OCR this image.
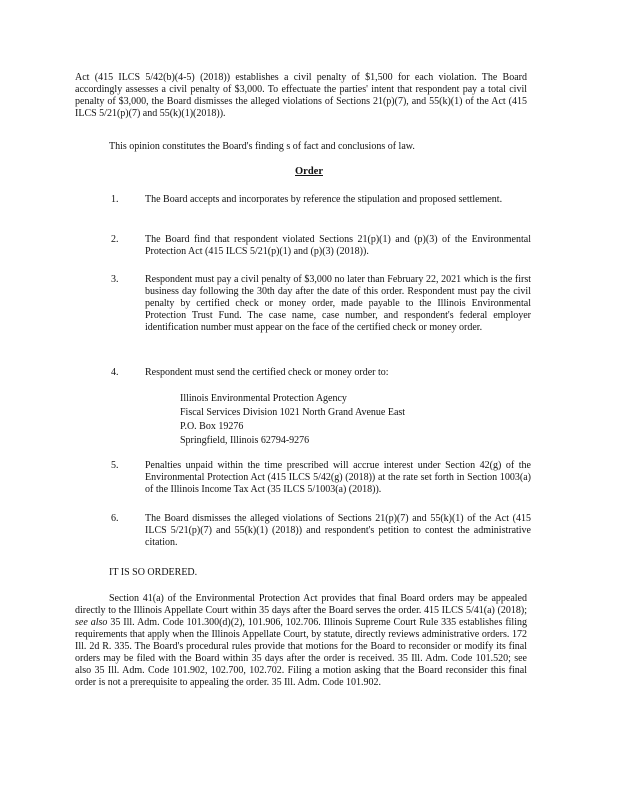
Act (415 ILCS 5/42(b)(4-5) (2018)) establishes a civil penalty of $1,500 for each violation. The Board accordingly assesses a civil penalty of $3,000. To effectuate the parties' intent that respondent pay a total civil penalty of $3,000, the Board dismisses the alleged violations of Sections 21(p)(7), and 55(k)(1) of the Act (415 ILCS 5/21(p)(7) and 55(k)(1)(2018)).

This opinion constitutes the Board's finding s of fact and conclusions of law.

Order
1.	The Board accepts and incorporates by reference the stipulation and proposed settlement.

2.	The Board find that respondent violated Sections 21(p)(1) and (p)(3) of the Environmental Protection Act (415 ILCS 5/21(p)(1) and (p)(3) (2018)).

3.	Respondent must pay a civil penalty of $3,000 no later than February 22, 2021 which is the first business day following the 30th day after the date of this order. Respondent must pay the civil penalty by certified check or money order, made payable to the Illinois Environmental Protection Trust Fund. The case name, case number, and respondent's federal employer identification number must appear on the face of the certified check or money order.

4.	Respondent must send the certified check or money order to:

Illinois Environmental Protection Agency
Fiscal Services Division 1021 North Grand Avenue East
P.O. Box 19276
Springfield, Illinois 62794-9276
5.	Penalties unpaid within the time prescribed will accrue interest under Section 42(g) of the Environmental Protection Act (415 ILCS 5/42(g) (2018)) at the rate set forth in Section 1003(a) of the Illinois Income Tax Act (35 ILCS 5/1003(a) (2018)).

6.	The Board dismisses the alleged violations of Sections 21(p)(7) and 55(k)(1) of the Act (415 ILCS 5/21(p)(7) and 55(k)(1) (2018)) and respondent's petition to contest the administrative citation.

IT IS SO ORDERED.

Section 41(a) of the Environmental Protection Act provides that final Board orders may be appealed directly to the Illinois Appellate Court within 35 days after the Board serves the order. 415 ILCS 5/41(a) (2018); see also 35 Ill. Adm. Code 101.300(d)(2), 101.906, 102.706. Illinois Supreme Court Rule 335 establishes filing requirements that apply when the Illinois Appellate Court, by statute, directly reviews administrative orders. 172 Ill. 2d R. 335. The Board's procedural rules provide that motions for the Board to reconsider or modify its final orders may be filed with the Board within 35 days after the order is received. 35 Ill. Adm. Code 101.520; see also 35 Ill. Adm. Code 101.902, 102.700, 102.702. Filing a motion asking that the Board reconsider this final order is not a prerequisite to appealing the order. 35 Ill. Adm. Code 101.902.
